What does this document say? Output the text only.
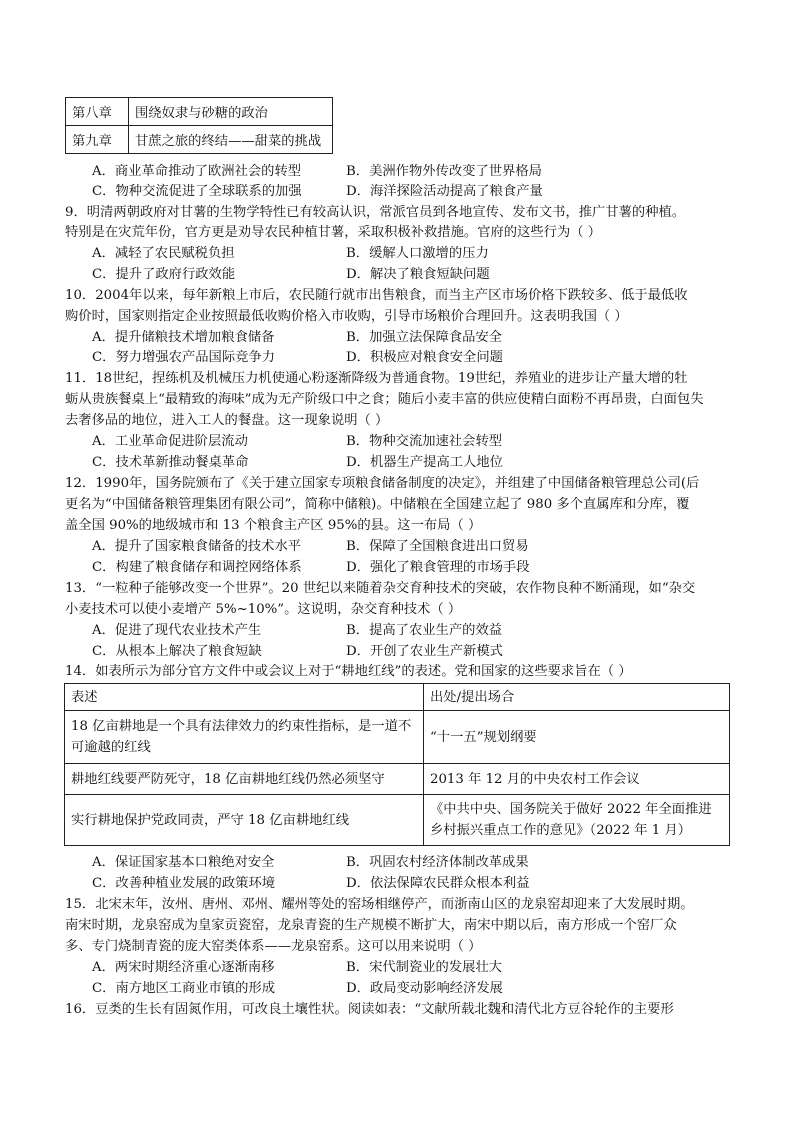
第八章	围绕奴隶与砂糖的政治
第九章	甘蔗之旅的终结——甜菜的挑战
A．商业革命推动了欧洲社会的转型	B．美洲作物外传改变了世界格局
C．物种交流促进了全球联系的加强	D．海洋探险活动提高了粮食产量
9．明清两朝政府对甘薯的生物学特性已有较高认识，常派官员到各地宣传、发布文书，推广甘薯的种植。
特别是在灾荒年份，官方更是劝导农民种植甘薯，采取积极补救措施。官府的这些行为（ ）
A．减轻了农民赋税负担	B．缓解人口激增的压力
C．提升了政府行政效能	D．解决了粮食短缺问题
10．2004年以来，每年新粮上市后，农民随行就市出售粮食，而当主产区市场价格下跌较多、低于最低收
购价时，国家则指定企业按照最低收购价格入市收购，引导市场粮价合理回升。这表明我国（ ）
A．提升储粮技术增加粮食储备	B．加强立法保障食品安全
C．努力增强农产品国际竞争力	D．积极应对粮食安全问题
11．18世纪，捏练机及机械压力机使通心粉逐渐降级为普通食物。19世纪，养殖业的进步让产量大增的牡
蛎从贵族餐桌上“最精致的海味”成为无产阶级口中之食；随后小麦丰富的供应使精白面粉不再昂贵，白面包失
去奢侈品的地位，进入工人的餐盘。这一现象说明（ ）
A．工业革命促进阶层流动	B．物种交流加速社会转型
C．技术革新推动餐桌革命	D．机器生产提高工人地位
12．1990年，国务院颁布了《关于建立国家专项粮食储备制度的决定》，并组建了中国储备粮管理总公司(后
更名为“中国储备粮管理集团有限公司”，简称中储粮)。中储粮在全国建立起了 980 多个直属库和分库，覆
盖全国 90%的地级城市和 13 个粮食主产区 95%的县。这一布局（ ）
A．提升了国家粮食储备的技术水平	B．保障了全国粮食进出口贸易
C．构建了粮食储存和调控网络体系	D．强化了粮食管理的市场手段
13．“一粒种子能够改变一个世界”。20 世纪以来随着杂交育种技术的突破，农作物良种不断涌现，如“杂交
小麦技术可以使小麦增产 5%~10%”。这说明，杂交育种技术（ ）
A．促进了现代农业技术产生	B．提高了农业生产的效益
C．从根本上解决了粮食短缺	D．开创了农业生产新模式
14．如表所示为部分官方文件中或会议上对于“耕地红线”的表述。党和国家的这些要求旨在（ ）
表述	出处/提出场合
18 亿亩耕地是一个具有法律效力的约束性指标，是一道不可逾越的红线	“十一五”规划纲要
耕地红线要严防死守，18 亿亩耕地红线仍然必须坚守	2013 年 12 月的中央农村工作会议
实行耕地保护党政同责，严守 18 亿亩耕地红线	《中共中央、国务院关于做好 2022 年全面推进乡村振兴重点工作的意见》（2022 年 1 月）
A．保证国家基本口粮绝对安全	B．巩固农村经济体制改革成果
C．改善种植业发展的政策环境	D．依法保障农民群众根本利益
15．北宋末年，汝州、唐州、邓州、耀州等处的窑场相继停产，而浙南山区的龙泉窑却迎来了大发展时期。
南宋时期，龙泉窑成为皇家贡瓷窑，龙泉青瓷的生产规模不断扩大，南宋中期以后，南方形成一个窑厂众
多、专门烧制青瓷的庞大窑类体系——龙泉窑系。这可以用来说明（ ）
A．两宋时期经济重心逐渐南移	B．宋代制瓷业的发展壮大
C．南方地区工商业市镇的形成	D．政局变动影响经济发展
16．豆类的生长有固氮作用，可改良土壤性状。阅读如表：“文献所载北魏和清代北方豆谷轮作的主要形
